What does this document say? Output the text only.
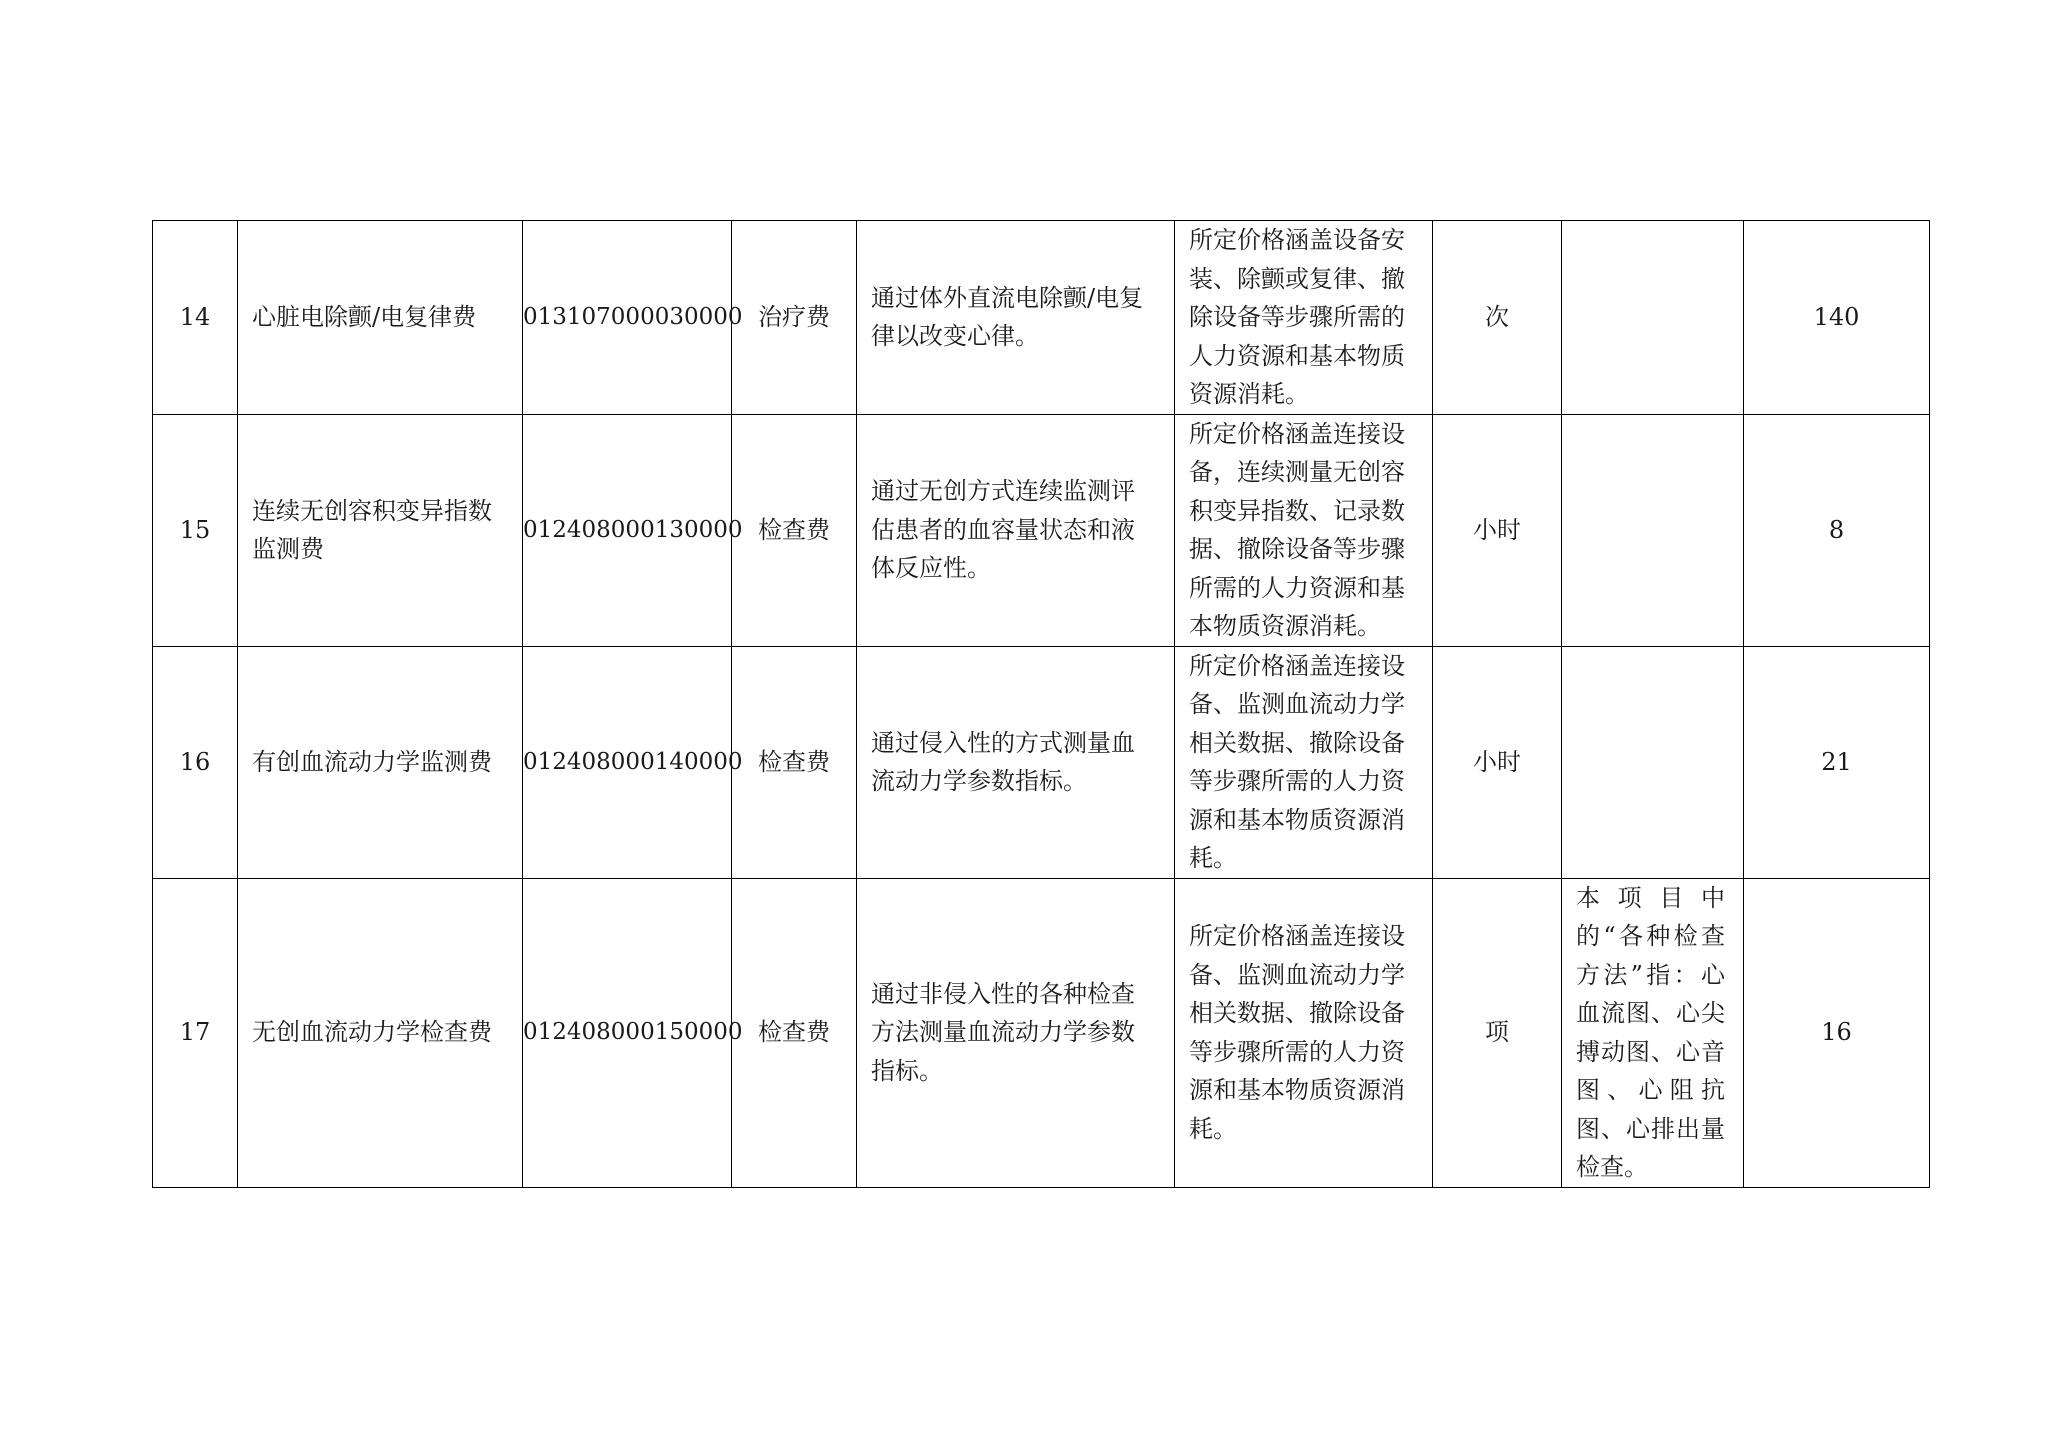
14	心脏电除颤/电复律费	013107000030000	治疗费	通过体外直流电除颤/电复律以改变心律。	所定价格涵盖设备安装、除颤或复律、撤除设备等步骤所需的人力资源和基本物质资源消耗。	次		140

15	连续无创容积变异指数监测费	012408000130000	检查费	通过无创方式连续监测评估患者的血容量状态和液体反应性。	所定价格涵盖连接设备，连续测量无创容积变异指数、记录数据、撤除设备等步骤所需的人力资源和基本物质资源消耗。	小时		8

16	有创血流动力学监测费	012408000140000	检查费	通过侵入性的方式测量血流动力学参数指标。	所定价格涵盖连接设备、监测血流动力学相关数据、撤除设备等步骤所需的人力资源和基本物质资源消耗。	小时		21

17	无创血流动力学检查费	012408000150000	检查费	通过非侵入性的各种检查方法测量血流动力学参数指标。	所定价格涵盖连接设备、监测血流动力学相关数据、撤除设备等步骤所需的人力资源和基本物质资源消耗。	项	本项目中的“各种检查方法”指：心血流图、心尖搏动图、心音图、心阻抗图、心排出量检查。	16
